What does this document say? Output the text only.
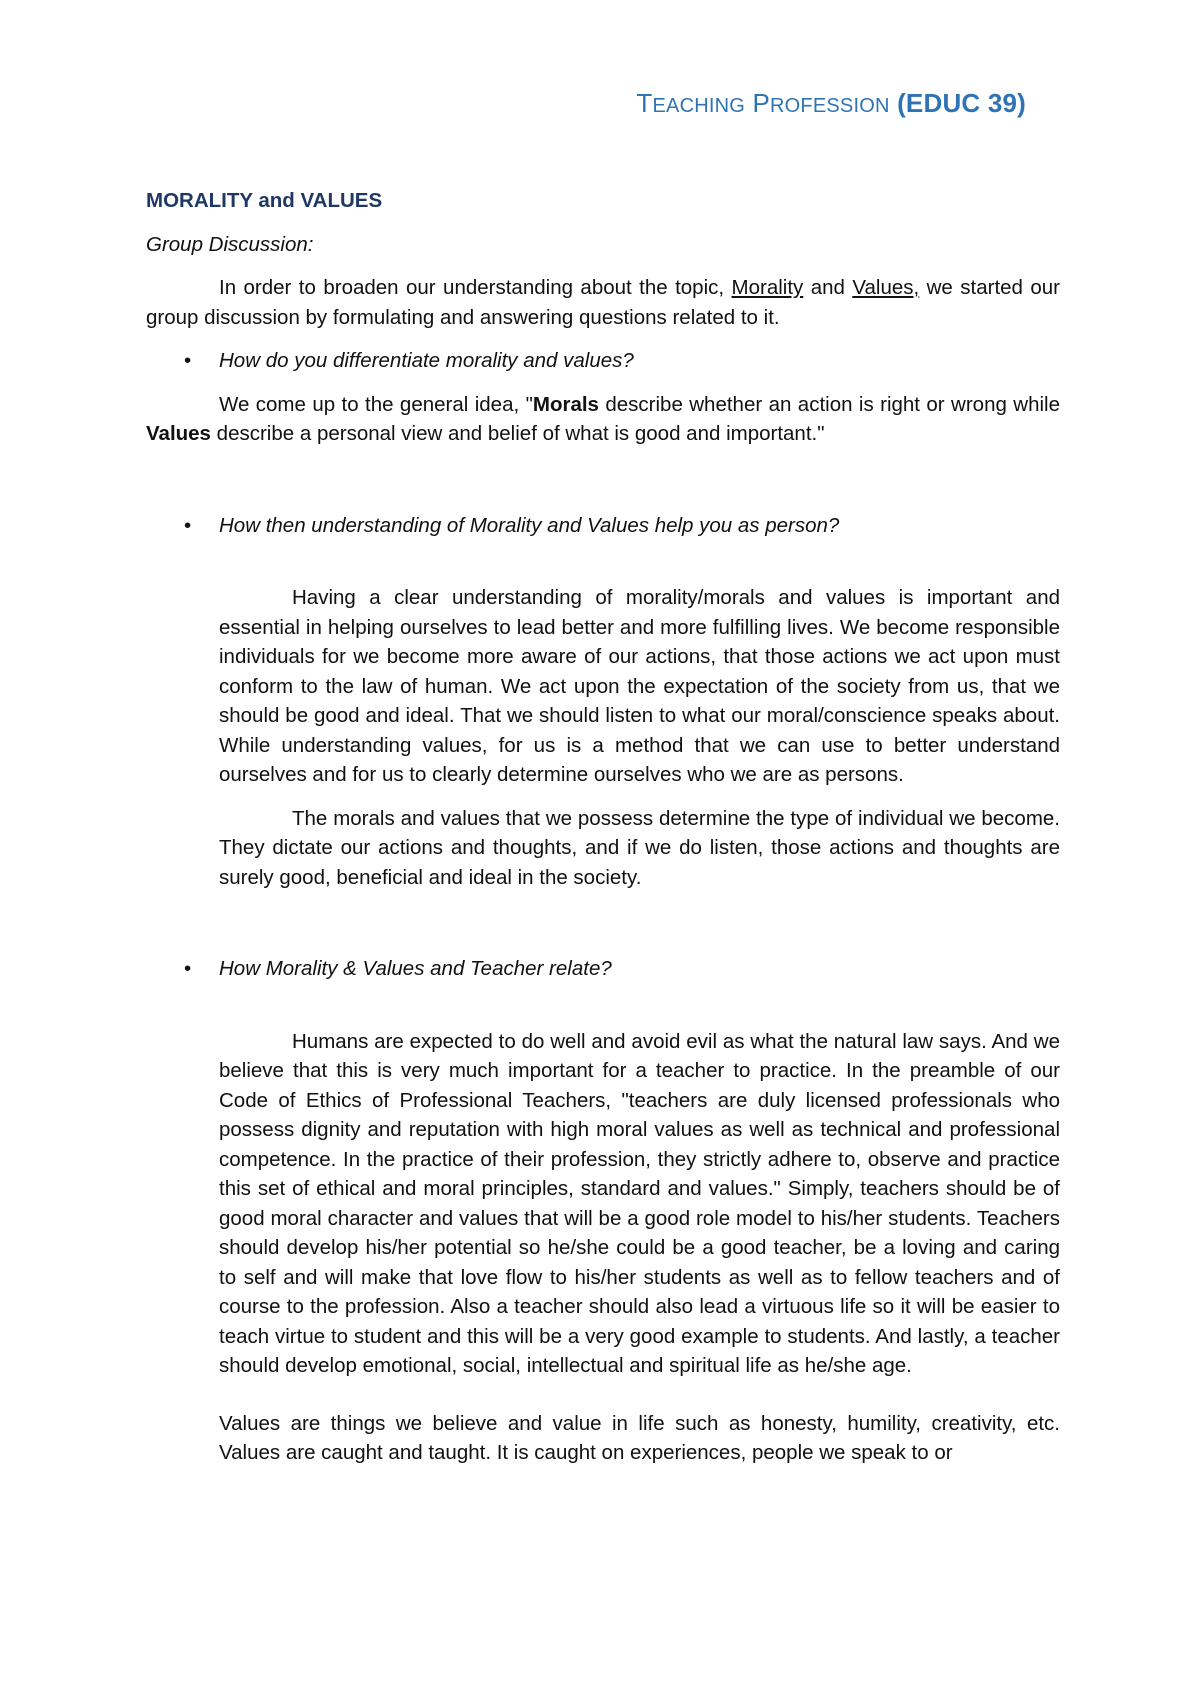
TEACHING PROFESSION (EDUC 39)
MORALITY and VALUES
Group Discussion:

In order to broaden our understanding about the topic, Morality and Values, we started our group discussion by formulating and answering questions related to it.

• How do you differentiate morality and values?

We come up to the general idea, "Morals describe whether an action is right or wrong while Values describe a personal view and belief of what is good and important."

• How then understanding of Morality and Values help you as person?

Having a clear understanding of morality/morals and values is important and essential in helping ourselves to lead better and more fulfilling lives. We become responsible individuals for we become more aware of our actions, that those actions we act upon must conform to the law of human. We act upon the expectation of the society from us, that we should be good and ideal. That we should listen to what our moral/conscience speaks about. While understanding values, for us is a method that we can use to better understand ourselves and for us to clearly determine ourselves who we are as persons.

The morals and values that we possess determine the type of individual we become. They dictate our actions and thoughts, and if we do listen, those actions and thoughts are surely good, beneficial and ideal in the society.

• How Morality & Values and Teacher relate?

Humans are expected to do well and avoid evil as what the natural law says. And we believe that this is very much important for a teacher to practice. In the preamble of our Code of Ethics of Professional Teachers, "teachers are duly licensed professionals who possess dignity and reputation with high moral values as well as technical and professional competence. In the practice of their profession, they strictly adhere to, observe and practice this set of ethical and moral principles, standard and values." Simply, teachers should be of good moral character and values that will be a good role model to his/her students. Teachers should develop his/her potential so he/she could be a good teacher, be a loving and caring to self and will make that love flow to his/her students as well as to fellow teachers and of course to the profession. Also a teacher should also lead a virtuous life so it will be easier to teach virtue to student and this will be a very good example to students. And lastly, a teacher should develop emotional, social, intellectual and spiritual life as he/she age.

Values are things we believe and value in life such as honesty, humility, creativity, etc. Values are caught and taught. It is caught on experiences, people we speak to or
